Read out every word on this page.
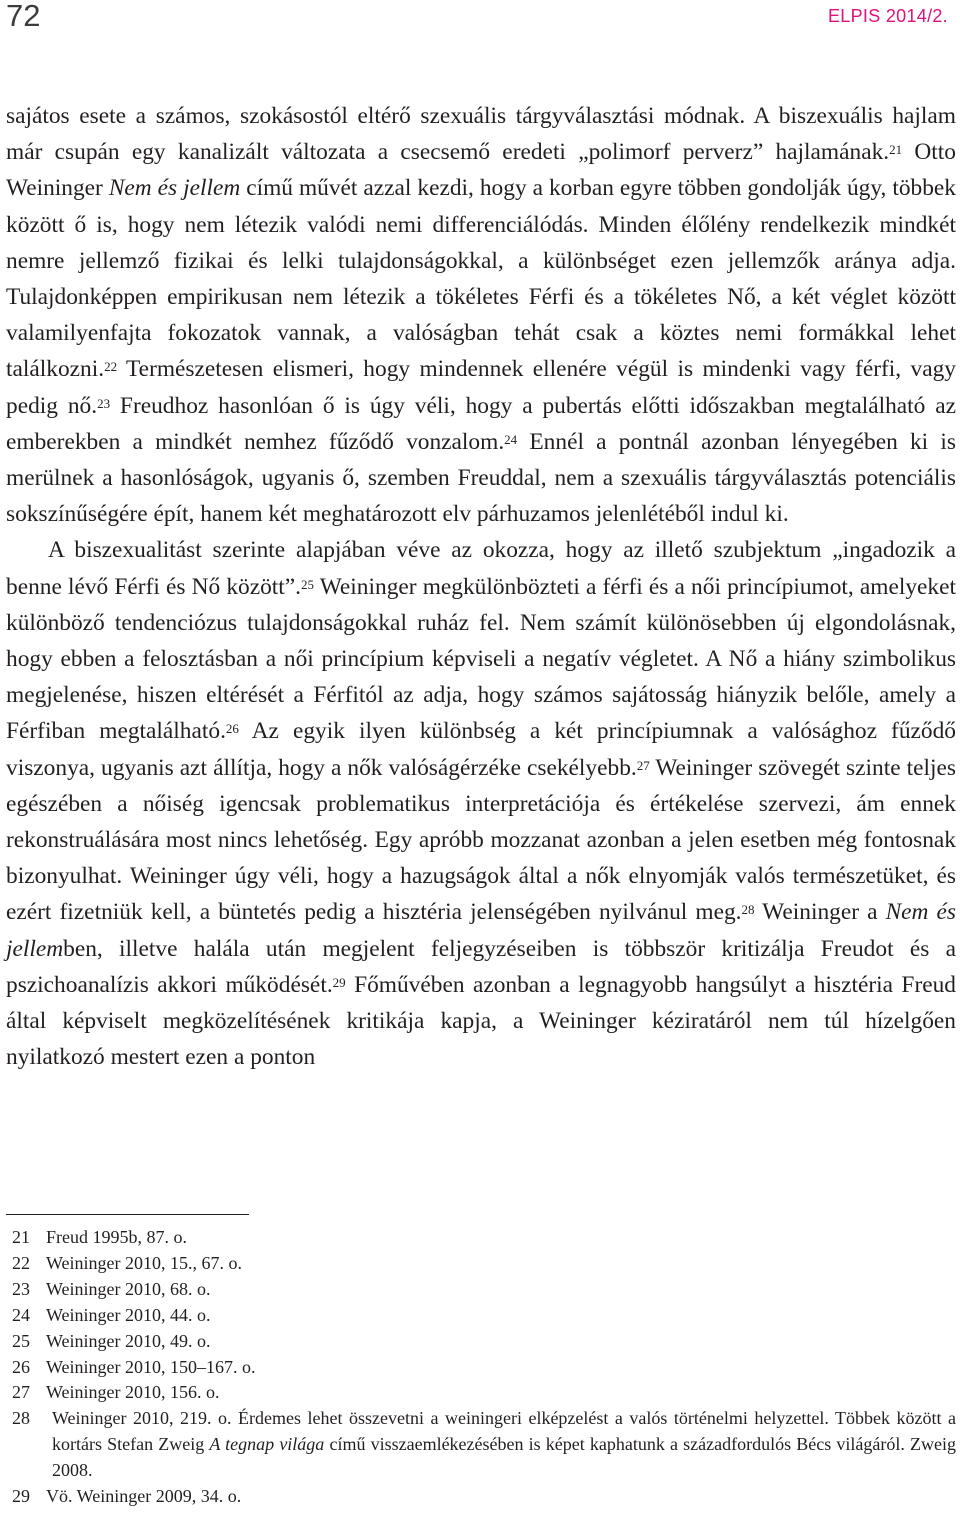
72	ELPIS 2014/2.

sajátos esete a számos, szokásostól eltérő szexuális tárgyválasztási módnak. A biszexuális hajlam már csupán egy kanalizált változata a csecsemő eredeti „polimorf perverz” hajlamának.$^{21}$ Otto Weininger Nem és jellem című művét azzal kezdi, hogy a korban egyre többen gondolják úgy, többek között ő is, hogy nem létezik valódi nemi differenciálódás. Minden élőlény rendelkezik mindkét nemre jellemző fizikai és lelki tulajdonságokkal, a különbséget ezen jellemzők aránya adja. Tulajdonképpen empirikusan nem létezik a tökéletes Férfi és a tökéletes Nő, a két véglet között valamilyenfajta fokozatok vannak, a valóságban tehát csak a köztes nemi formákkal lehet találkozni.$^{22}$ Természetesen elismeri, hogy mindennek ellenére végül is mindenki vagy férfi, vagy pedig nő.$^{23}$ Freudhoz hasonlóan ő is úgy véli, hogy a pubertás előtti időszakban megtalálható az emberekben a mindkét nemhez fűződő vonzalom.$^{24}$ Ennél a pontnál azonban lényegében ki is merülnek a hasonlóságok, ugyanis ő, szemben Freuddal, nem a szexuális tárgyválasztás potenciális sokszínűségére épít, hanem két meghatározott elv párhuzamos jelenlétéből indul ki.

A biszexualitást szerinte alapjában véve az okozza, hogy az illető szubjektum „ingadozik a benne lévő Férfi és Nő között”.$^{25}$ Weininger megkülönbözteti a férfi és a női princípiumot, amelyeket különböző tendenciózus tulajdonságokkal ruház fel. Nem számít különösebben új elgondolásnak, hogy ebben a felosztásban a női princípium képviseli a negatív végletet. A Nő a hiány szimbolikus megjelenése, hiszen eltérését a Férfitól az adja, hogy számos sajátosság hiányzik belőle, amely a Férfiban megtalálható.$^{26}$ Az egyik ilyen különbség a két princípiumnak a valósághoz fűződő viszonya, ugyanis azt állítja, hogy a nők valóságérzéke csekélyebb.$^{27}$ Weininger szövegét szinte teljes egészében a nőiség igencsak problematikus interpretációja és értékelése szervezi, ám ennek rekonstruálására most nincs lehetőség. Egy apróbb mozzanat azonban a jelen esetben még fontosnak bizonyulhat. Weininger úgy véli, hogy a hazugságok által a nők elnyomják valós természetüket, és ezért fizetniük kell, a büntetés pedig a hisztéria jelenségében nyilvánul meg.$^{28}$ Weininger a Nem és jellemben, illetve halála után megjelent feljegyzéseiben is többször kritizálja Freudot és a pszichoanalízis akkori működését.$^{29}$ Főművében azonban a legnagyobb hangsúlyt a hisztéria Freud által képviselt megközelítésének kritikája kapja, a Weininger kéziratáról nem túl hízelgően nyilatkozó mestert ezen a ponton

21 Freud 1995b, 87. o.
22 Weininger 2010, 15., 67. o.
23 Weininger 2010, 68. o.
24 Weininger 2010, 44. o.
25 Weininger 2010, 49. o.
26 Weininger 2010, 150–167. o.
27 Weininger 2010, 156. o.
28	Weininger 2010, 219. o. Érdemes lehet összevetni a weiningeri elképzelést a valós történelmi helyzettel. Többek között a kortárs Stefan Zweig A tegnap világa című visszaemlékezésében is képet kaphatunk a századfordulós Bécs világáról. Zweig 2008.
29 Vö. Weininger 2009, 34. o.
